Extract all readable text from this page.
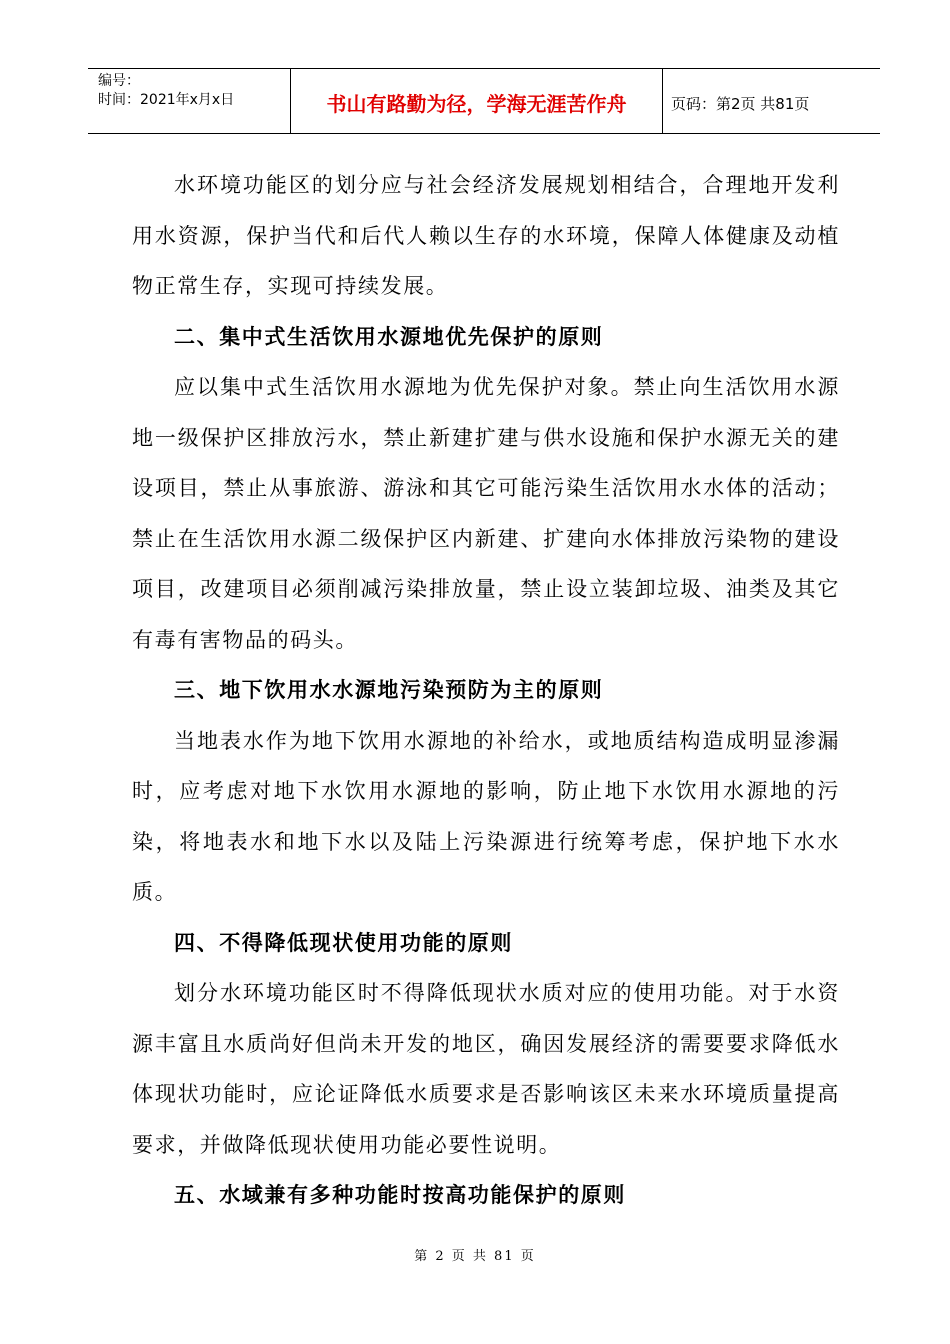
编号：
时间：2021年x月x日	书山有路勤为径，学海无涯苦作舟	页码：第2页 共81页

水环境功能区的划分应与社会经济发展规划相结合，合理地开发利用水资源，保护当代和后代人赖以生存的水环境，保障人体健康及动植物正常生存，实现可持续发展。

二、集中式生活饮用水源地优先保护的原则

应以集中式生活饮用水源地为优先保护对象。禁止向生活饮用水源地一级保护区排放污水，禁止新建扩建与供水设施和保护水源无关的建设项目，禁止从事旅游、游泳和其它可能污染生活饮用水水体的活动；禁止在生活饮用水源二级保护区内新建、扩建向水体排放污染物的建设项目，改建项目必须削减污染排放量，禁止设立装卸垃圾、油类及其它有毒有害物品的码头。

三、地下饮用水水源地污染预防为主的原则

当地表水作为地下饮用水源地的补给水，或地质结构造成明显渗漏时，应考虑对地下水饮用水源地的影响，防止地下水饮用水源地的污染，将地表水和地下水以及陆上污染源进行统筹考虑，保护地下水水质。

四、不得降低现状使用功能的原则

划分水环境功能区时不得降低现状水质对应的使用功能。对于水资源丰富且水质尚好但尚未开发的地区，确因发展经济的需要要求降低水体现状功能时，应论证降低水质要求是否影响该区未来水环境质量提高要求，并做降低现状使用功能必要性说明。

五、水域兼有多种功能时按高功能保护的原则

第 2 页 共 81 页
